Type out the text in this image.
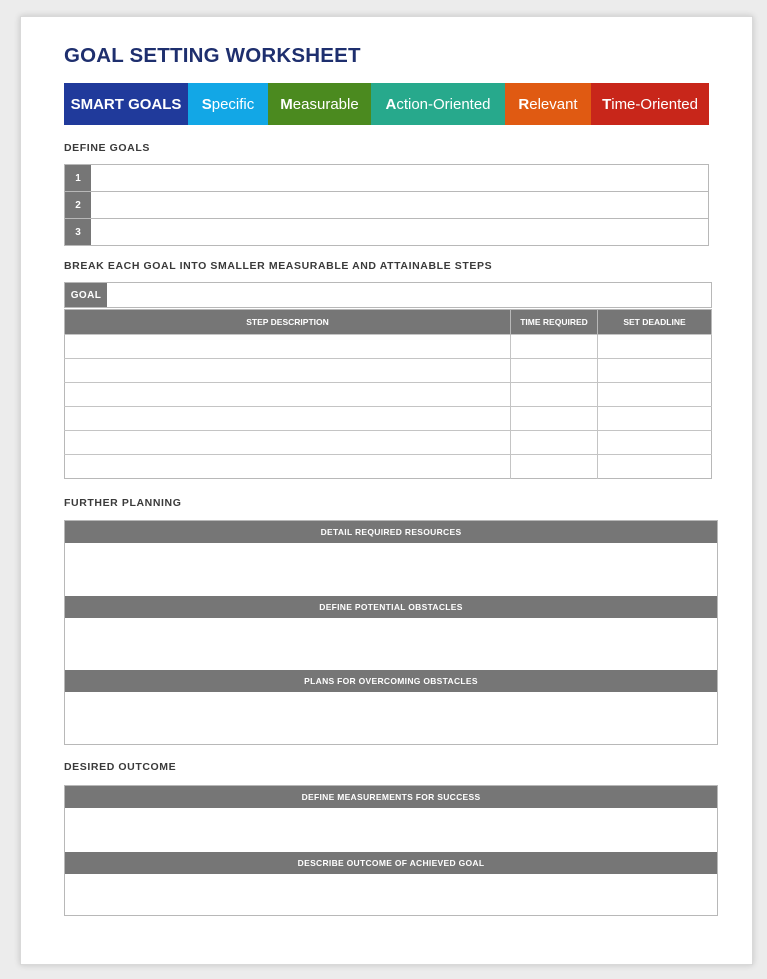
GOAL SETTING WORKSHEET
SMART GOALS	S pecific M easurable A ction-Oriented R elevant T ime-Oriented
DEFINE GOALS
1
2
3
BREAK EACH GOAL INTO SMALLER MEASURABLE AND ATTAINABLE STEPS
GOAL
STEP DESCRIPTION	TIME REQUIRED	SET DEADLINE

FURTHER PLANNING
DETAIL REQUIRED RESOURCES
DEFINE POTENTIAL OBSTACLES
PLANS FOR OVERCOMING OBSTACLES
DESIRED OUTCOME
DEFINE MEASUREMENTS FOR SUCCESS
DESCRIBE OUTCOME OF ACHIEVED GOAL
